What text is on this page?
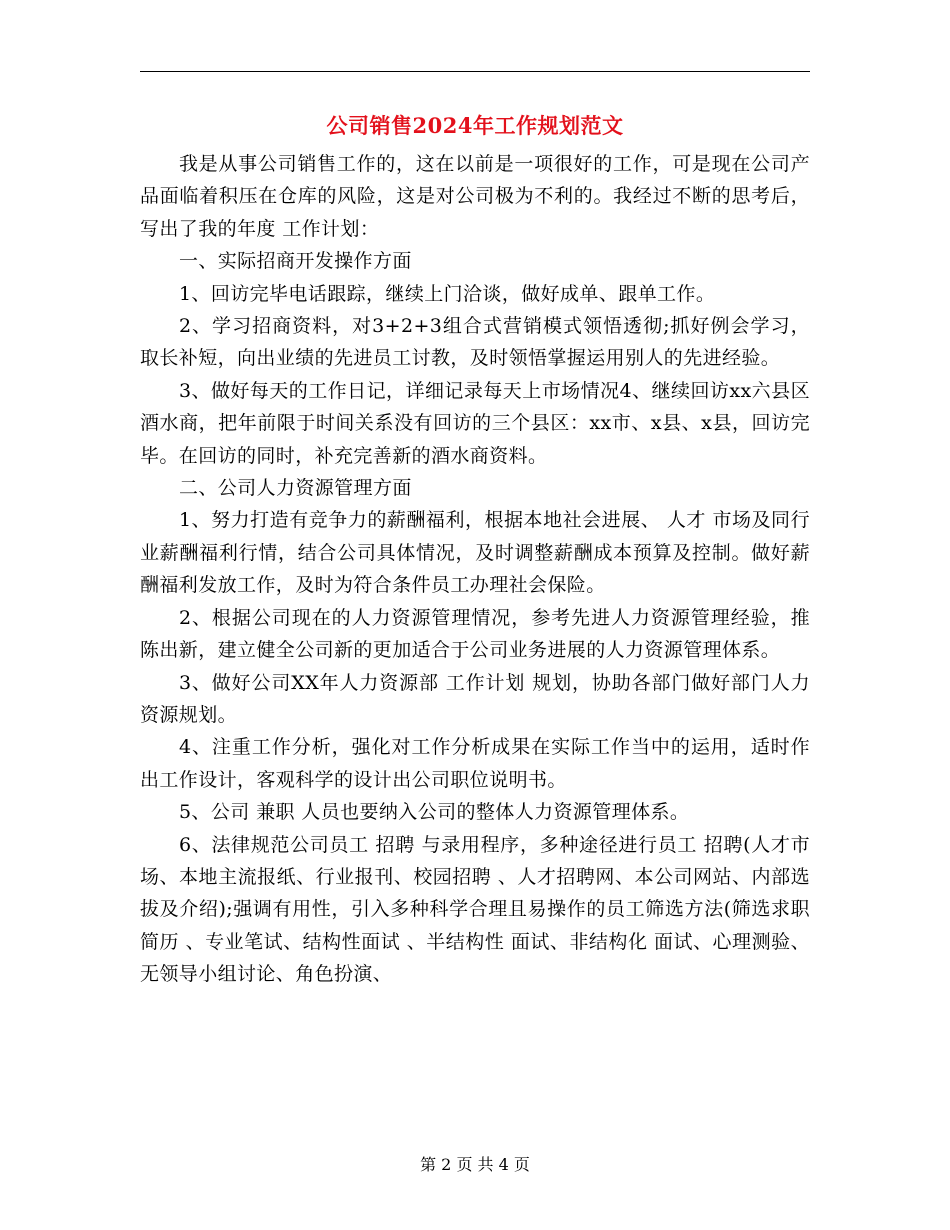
公司销售2024年工作规划范文

我是从事公司销售工作的，这在以前是一项很好的工作，可是现在公司产品面临着积压在仓库的风险，这是对公司极为不利的。我经过不断的思考后，写出了我的年度 工作计划：

一、实际招商开发操作方面

1、回访完毕电话跟踪，继续上门洽谈，做好成单、跟单工作。

2、学习招商资料，对3+2+3组合式营销模式领悟透彻;抓好例会学习，取长补短，向出业绩的先进员工讨教，及时领悟掌握运用别人的先进经验。

3、做好每天的工作日记，详细记录每天上市场情况4、继续回访xx六县区酒水商，把年前限于时间关系没有回访的三个县区：xx市、x县、x县，回访完毕。在回访的同时，补充完善新的酒水商资料。

二、公司人力资源管理方面

1、努力打造有竞争力的薪酬福利，根据本地社会进展、 人才 市场及同行业薪酬福利行情，结合公司具体情况，及时调整薪酬成本预算及控制。做好薪酬福利发放工作，及时为符合条件员工办理社会保险。

2、根据公司现在的人力资源管理情况，参考先进人力资源管理经验，推陈出新，建立健全公司新的更加适合于公司业务进展的人力资源管理体系。

3、做好公司XX年人力资源部 工作计划 规划，协助各部门做好部门人力资源规划。

4、注重工作分析，强化对工作分析成果在实际工作当中的运用，适时作出工作设计，客观科学的设计出公司职位说明书。

5、公司 兼职 人员也要纳入公司的整体人力资源管理体系。

6、法律规范公司员工 招聘 与录用程序，多种途径进行员工 招聘(人才市场、本地主流报纸、行业报刊、校园招聘 、人才招聘网、本公司网站、内部选拔及介绍);强调有用性，引入多种科学合理且易操作的员工筛选方法(筛选求职简历 、专业笔试、结构性面试 、半结构性 面试、非结构化 面试、心理测验、无领导小组讨论、角色扮演、

第 2 页 共 4 页
